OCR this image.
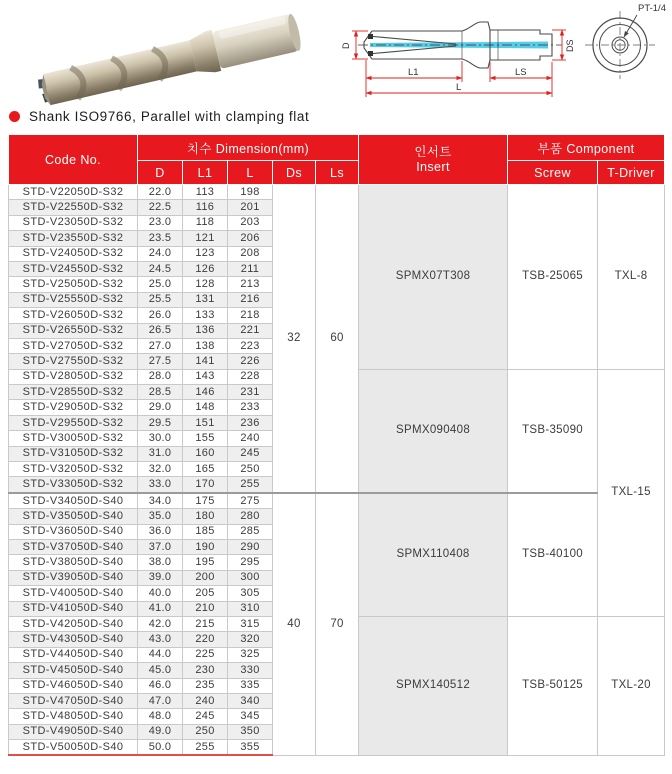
D	DS
L1	LS
L
PT-1/4
Shank ISO9766, Parallel with clamping flat
Code No.	치수 Dimension(mm)					인서트
Insert	부품 Component	
	D	L1	L	Ds	Ls		Screw	T-Driver
STD-V22050D-S32	22.0	113	198	32	60	SPMX07T308	TSB-25065	TXL-8
STD-V22550D-S32	22.5	116	201					
STD-V23050D-S32	23.0	118	203					
STD-V23550D-S32	23.5	121	206					
STD-V24050D-S32	24.0	123	208					
STD-V24550D-S32	24.5	126	211					
STD-V25050D-S32	25.0	128	213					
STD-V25550D-S32	25.5	131	216					
STD-V26050D-S32	26.0	133	218					
STD-V26550D-S32	26.5	136	221					
STD-V27050D-S32	27.0	138	223					
STD-V27550D-S32	27.5	141	226					
STD-V28050D-S32	28.0	143	228			SPMX090408	TSB-35090	TXL-15
STD-V28550D-S32	28.5	146	231					
STD-V29050D-S32	29.0	148	233					
STD-V29550D-S32	29.5	151	236					
STD-V30050D-S32	30.0	155	240					
STD-V31050D-S32	31.0	160	245					
STD-V32050D-S32	32.0	165	250					
STD-V33050D-S32	33.0	170	255					
STD-V34050D-S40	34.0	175	275	40	70	SPMX110408	TSB-40100	
STD-V35050D-S40	35.0	180	280					
STD-V36050D-S40	36.0	185	285					
STD-V37050D-S40	37.0	190	290					
STD-V38050D-S40	38.0	195	295					
STD-V39050D-S40	39.0	200	300					
STD-V40050D-S40	40.0	205	305					
STD-V41050D-S40	41.0	210	310					
STD-V42050D-S40	42.0	215	315			SPMX140512	TSB-50125	TXL-20
STD-V43050D-S40	43.0	220	320					
STD-V44050D-S40	44.0	225	325					
STD-V45050D-S40	45.0	230	330					
STD-V46050D-S40	46.0	235	335					
STD-V47050D-S40	47.0	240	340					
STD-V48050D-S40	48.0	245	345					
STD-V49050D-S40	49.0	250	350					
STD-V50050D-S40	50.0	255	355					
